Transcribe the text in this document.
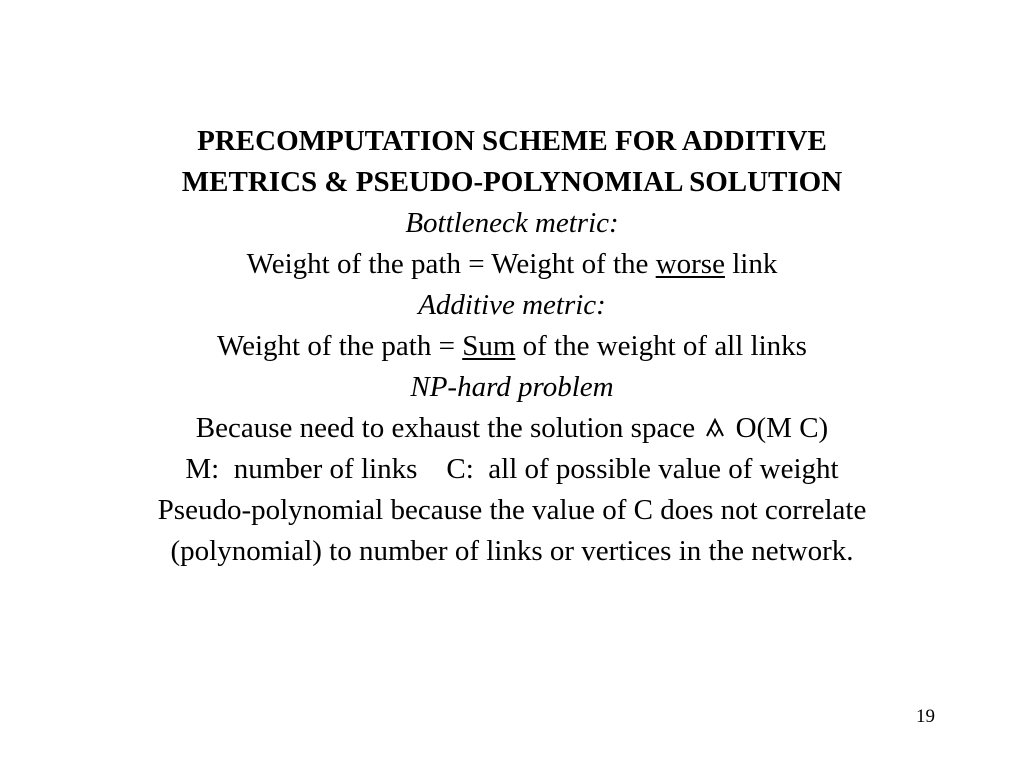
PRECOMPUTATION SCHEME FOR ADDITIVE
METRICS & PSEUDO-POLYNOMIAL SOLUTION
Bottleneck metric:
Weight of the path = Weight of the worse link
Additive metric:
Weight of the path = Sum of the weight of all links
NP-hard problem
Because need to exhaust the solution space  O(M C)
M:  number of links    C:  all of possible value of weight
Pseudo-polynomial because the value of C does not correlate
(polynomial) to number of links or vertices in the network.
19
